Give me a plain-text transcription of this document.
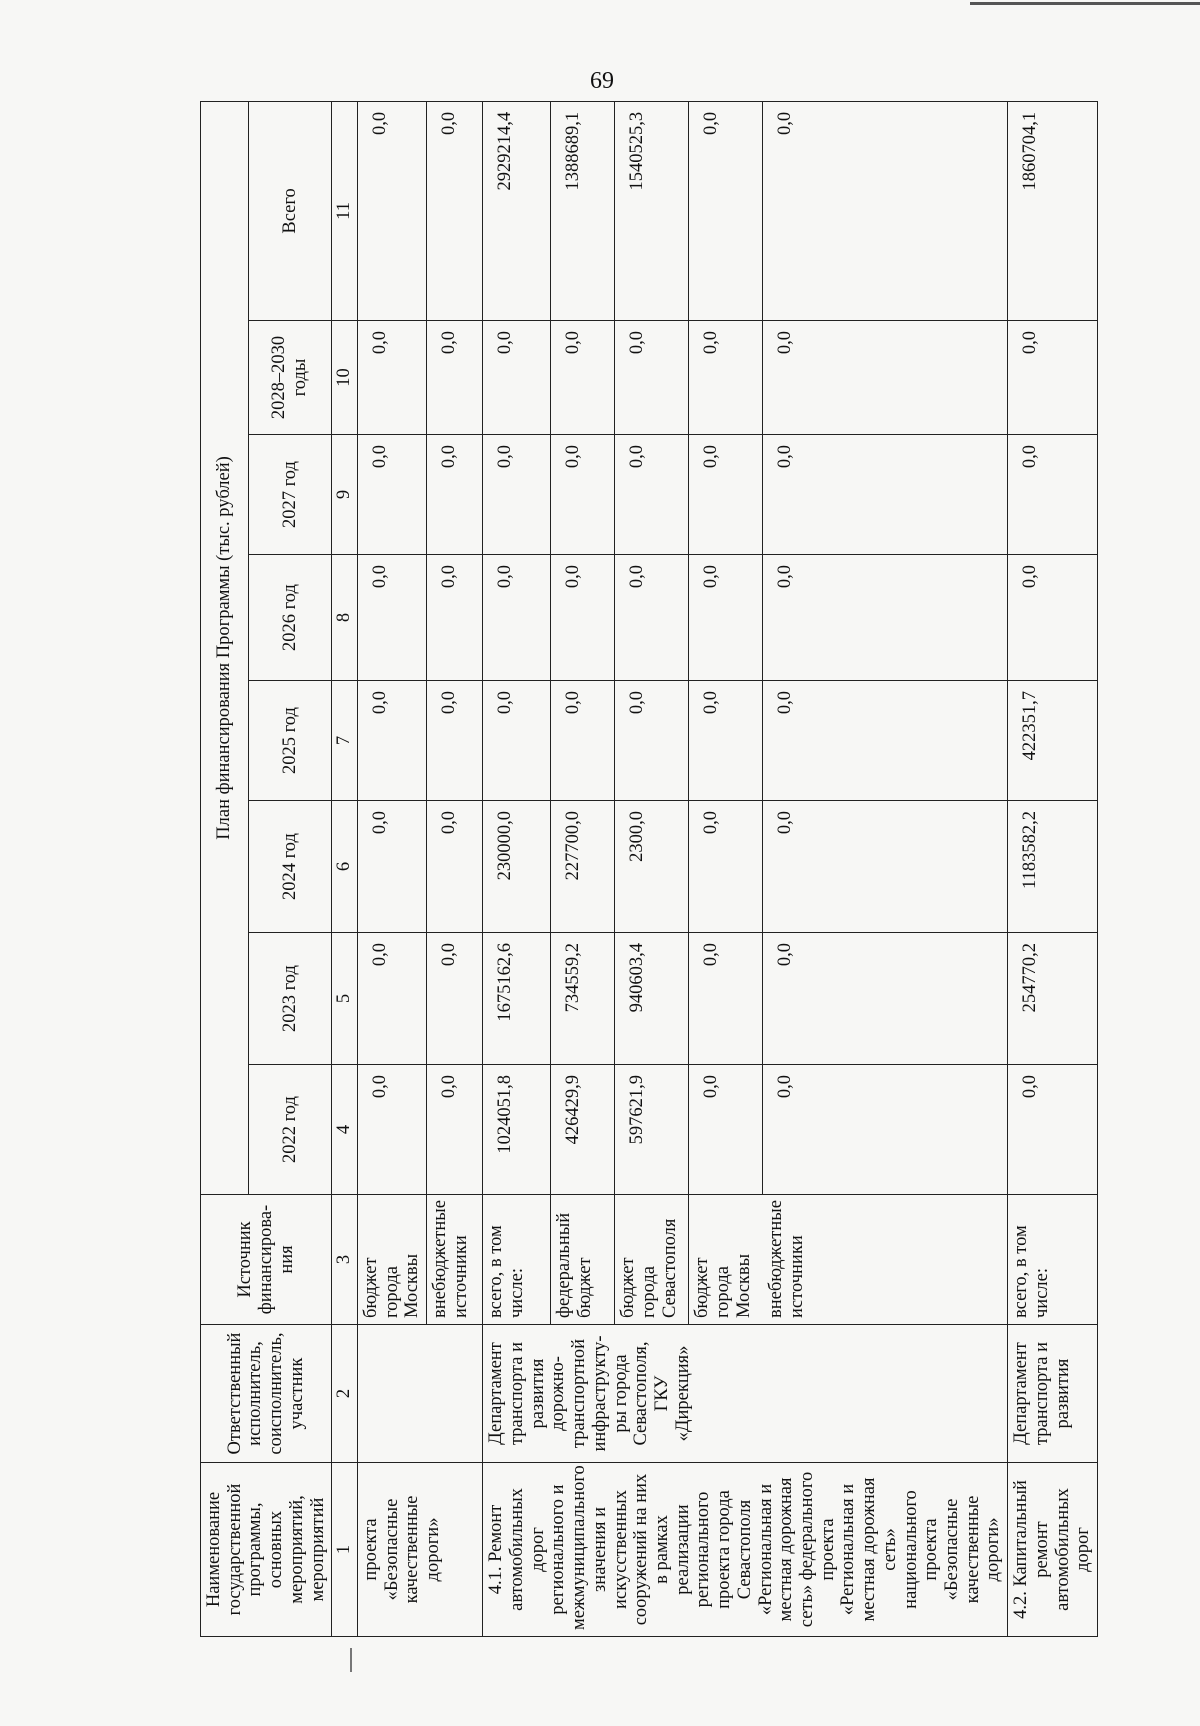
69
Наименование государственной программы, основных мероприятий, мероприятий	Ответственный исполнитель, соисполнитель, участник	Источник финансирова-ния	План финансирования Программы (тыс. рублей)							
			2022 год	2023 год	2024 год	2025 год	2026 год	2027 год	2028–2030 годы	Всего
1	2	3	4	5	6	7	8	9	10	11
проекта «Безопасные качественные дороги»		бюджет города Москвы	0,0	0,0	0,0	0,0	0,0	0,0	0,0	0,0
		внебюджетные источники	0,0	0,0	0,0	0,0	0,0	0,0	0,0	0,0
4.1. Ремонт автомобильных дорог регионального и межмуниципального значения и искусственных сооружений на них в рамках реализации регионального проекта города Севастополя «Региональная и местная дорожная сеть» федерального проекта «Региональная и местная дорожная сеть» национального проекта «Безопасные качественные дороги»	Департамент транспорта и развития дорожно-транспортной инфраструкту-ры города Севастополя, ГКУ «Дирекция»	всего, в том числе:	1024051,8	1675162,6	230000,0	0,0	0,0	0,0	0,0	2929214,4
		федеральный бюджет	426429,9	734559,2	227700,0	0,0	0,0	0,0	0,0	1388689,1
		бюджет города Севастополя	597621,9	940603,4	2300,0	0,0	0,0	0,0	0,0	1540525,3
		бюджет города Москвы	0,0	0,0	0,0	0,0	0,0	0,0	0,0	0,0
		внебюджетные источники	0,0	0,0	0,0	0,0	0,0	0,0	0,0	0,0
4.2. Капитальный ремонт автомобильных дорог	Департамент транспорта и развития	всего, в том числе:	0,0	254770,2	1183582,2	422351,7	0,0	0,0	0,0	1860704,1
